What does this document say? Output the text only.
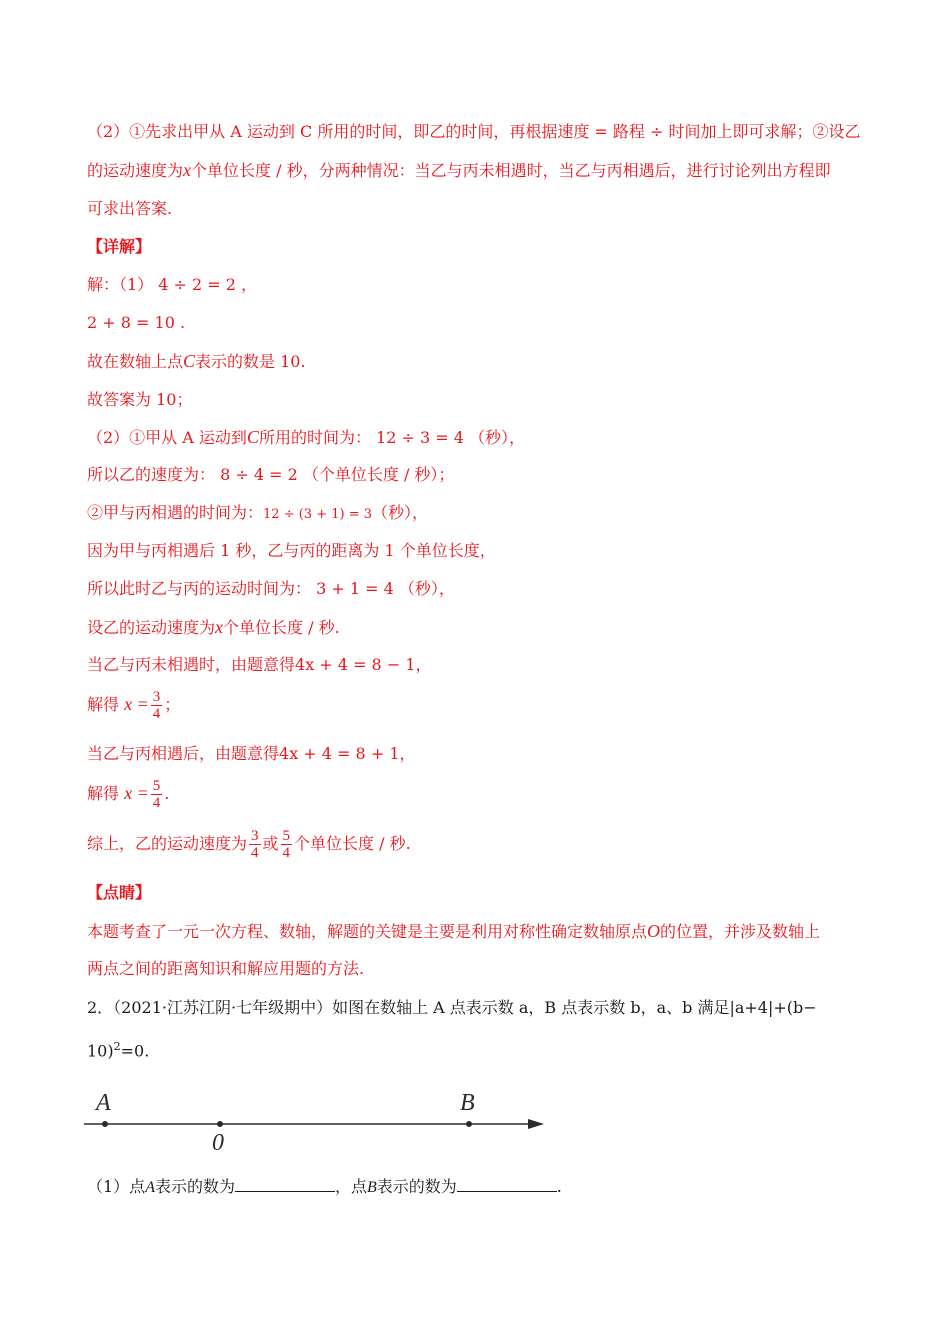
（2）①先求出甲从 A 运动到 C 所用的时间，即乙的时间，再根据速度 = 路程 ÷ 时间加上即可求解；②设乙
的运动速度为x个单位长度 / 秒，分两种情况：当乙与丙未相遇时，当乙与丙相遇后，进行讨论列出方程即
可求出答案.
【详解】
解：（1） 4 ÷ 2 = 2 ，
2 + 8 = 10 .
故在数轴上点C表示的数是 10.
故答案为 10；
（2）①甲从 A 运动到C所用的时间为： 12 ÷ 3 = 4 （秒），
所以乙的速度为： 8 ÷ 4 = 2 （个单位长度 / 秒）；
②甲与丙相遇的时间为：12 ÷ (3 + 1) = 3（秒），
因为甲与丙相遇后 1 秒，乙与丙的距离为 1 个单位长度，
所以此时乙与丙的运动时间为： 3 + 1 = 4 （秒），
设乙的运动速度为x个单位长度 / 秒.
当乙与丙未相遇时，由题意得4x + 4 = 8 − 1，
解得 $x = \frac{3}{4}$ ；
当乙与丙相遇后，由题意得4x + 4 = 8 + 1，
解得 $x = \frac{5}{4}$ .
综上，乙的运动速度为 $\frac{3}{4}$ 或 $\frac{5}{4}$ 个单位长度 / 秒.
【点睛】
本题考查了一元一次方程、数轴，解题的关键是主要是利用对称性确定数轴原点O的位置，并涉及数轴上
两点之间的距离知识和解应用题的方法.
2．（2021·江苏江阴·七年级期中）如图在数轴上 A 点表示数 a，B 点表示数 b，a、b 满足|a+4|+(b−
10)$^2$=0.
A
0
B
（1）点A表示的数为	，点B表示的数为	.
